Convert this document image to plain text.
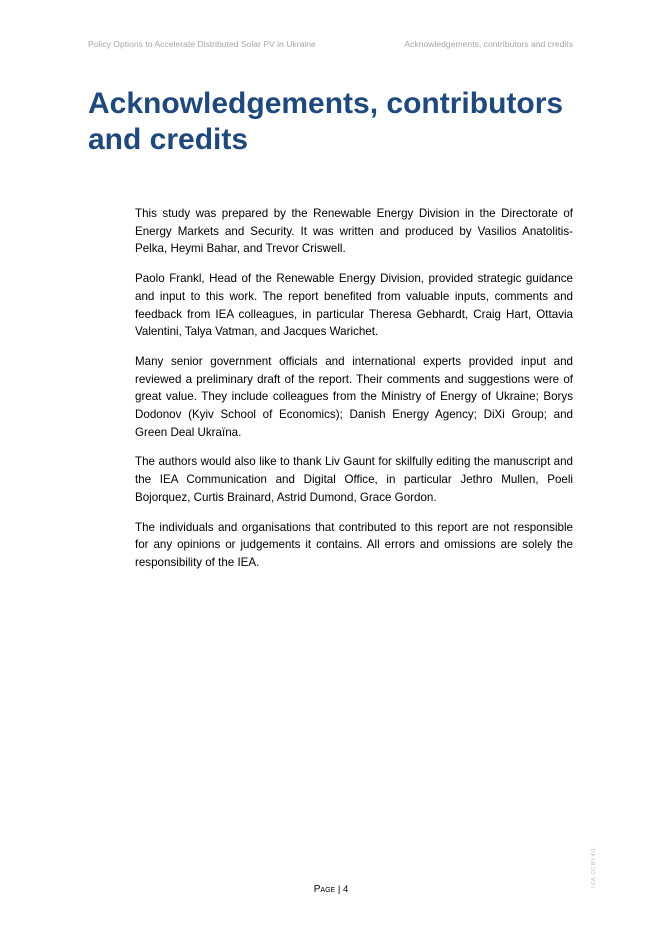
Policy Options to Accelerate Distributed Solar PV in Ukraine	Acknowledgements, contributors and credits
Acknowledgements, contributors and credits

This study was prepared by the Renewable Energy Division in the Directorate of Energy Markets and Security. It was written and produced by Vasilios Anatolitis-Pelka, Heymi Bahar, and Trevor Criswell.

Paolo Frankl, Head of the Renewable Energy Division, provided strategic guidance and input to this work. The report benefited from valuable inputs, comments and feedback from IEA colleagues, in particular Theresa Gebhardt, Craig Hart, Ottavia Valentini, Talya Vatman, and Jacques Warichet.

Many senior government officials and international experts provided input and reviewed a preliminary draft of the report. Their comments and suggestions were of great value. They include colleagues from the Ministry of Energy of Ukraine; Borys Dodonov (Kyiv School of Economics); Danish Energy Agency; DiXi Group; and Green Deal Ukraïna.

The authors would also like to thank Liv Gaunt for skilfully editing the manuscript and the IEA Communication and Digital Office, in particular Jethro Mullen, Poeli Bojorquez, Curtis Brainard, Astrid Dumond, Grace Gordon.

The individuals and organisations that contributed to this report are not responsible for any opinions or judgements it contains. All errors and omissions are solely the responsibility of the IEA.

Page | 4
I EA. CC BY 4.0.
